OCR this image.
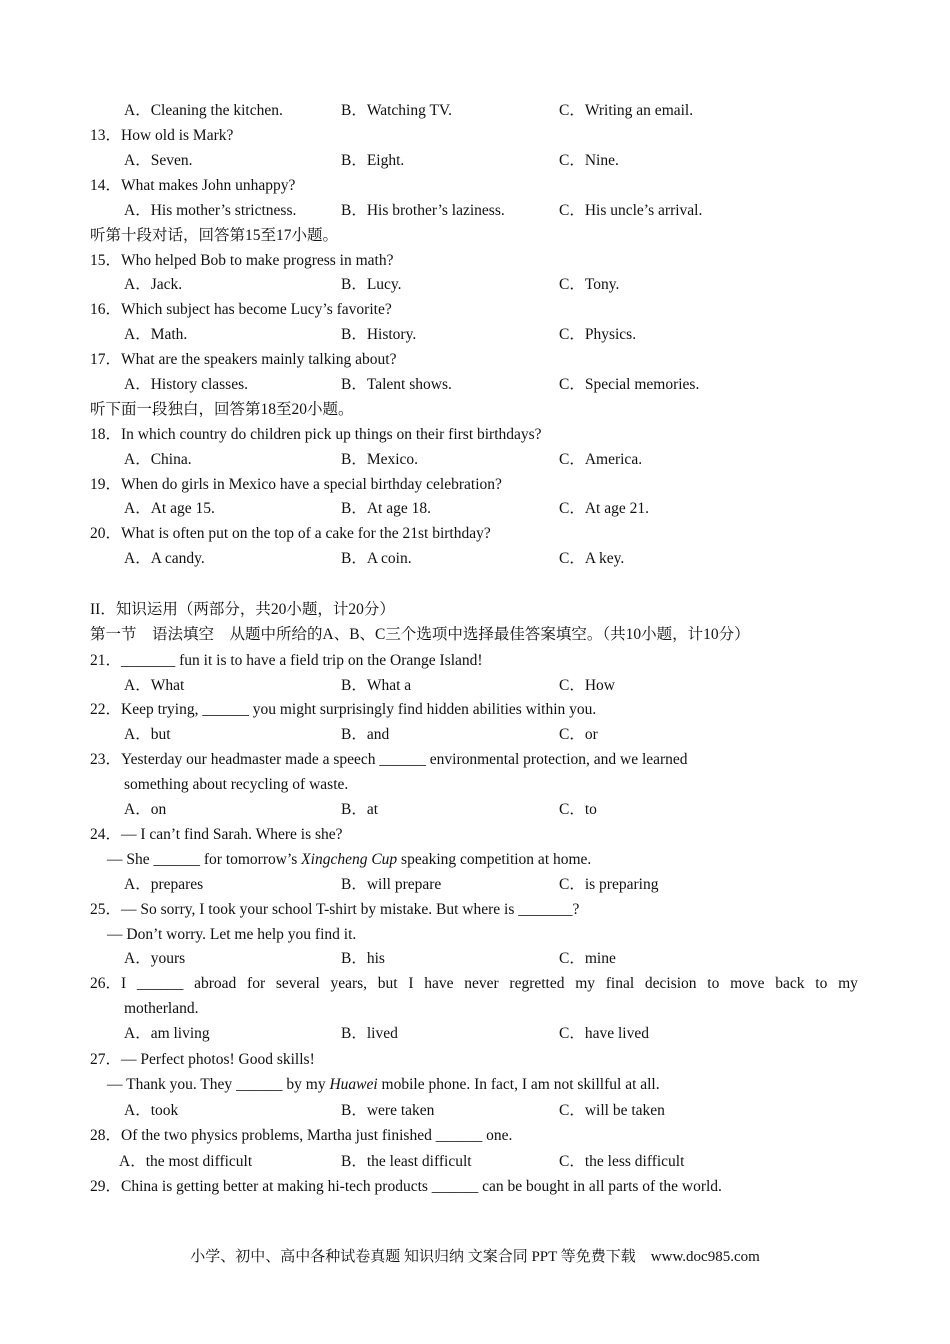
A．Cleaning the kitchen.	B．Watching TV.	C．Writing an email.
13．How old is Mark?
A．Seven.	B．Eight.	C．Nine.
14．What makes John unhappy?
A．His mother’s strictness.	B．His brother’s laziness.	C．His uncle’s arrival.
听第十段对话，回答第15至17小题。
15．Who helped Bob to make progress in math?
A．Jack.	B．Lucy.	C．Tony.
16．Which subject has become Lucy’s favorite?
A．Math.	B．History.	C．Physics.
17．What are the speakers mainly talking about?
A．History classes.	B．Talent shows.	C．Special memories.
听下面一段独白，回答第18至20小题。
18．In which country do children pick up things on their first birthdays?
A．China.	B．Mexico.	C．America.
19．When do girls in Mexico have a special birthday celebration?
A．At age 15.	B．At age 18.	C．At age 21.
20．What is often put on the top of a cake for the 21st birthday?
A．A candy.	B．A coin.	C．A key.
II．知识运用（两部分，共20小题，计20分）
第一节　语法填空　从题中所给的A、B、C三个选项中选择最佳答案填空。（共10小题，计10分）
21．_______ fun it is to have a field trip on the Orange Island!
A．What	B．What a	C．How
22．Keep trying, ______ you might surprisingly find hidden abilities within you.
A．but	B．and	C．or
23．Yesterday our headmaster made a speech ______ environmental protection, and we learned
something about recycling of waste.
A．on	B．at	C．to
24．— I can’t find Sarah. Where is she?
— She ______ for tomorrow’s Xingcheng Cup speaking competition at home.
A．prepares	B．will prepare	C．is preparing
25．— So sorry, I took your school T-shirt by mistake. But where is _______?
— Don’t worry. Let me help you find it.
A．yours	B．his	C．mine
26．I ______ abroad for several years, but I have never regretted my final decision to move back to my
motherland.
A．am living	B．lived	C．have lived
27．— Perfect photos! Good skills!
— Thank you. They ______ by my Huawei mobile phone. In fact, I am not skillful at all.
A．took	B．were taken	C．will be taken
28．Of the two physics problems, Martha just finished ______ one.
A．the most difficult	B．the least difficult	C．the less difficult
29．China is getting better at making hi-tech products ______ can be bought in all parts of the world.
小学、初中、高中各种试卷真题 知识归纳 文案合同 PPT 等免费下载　www.doc985.com
